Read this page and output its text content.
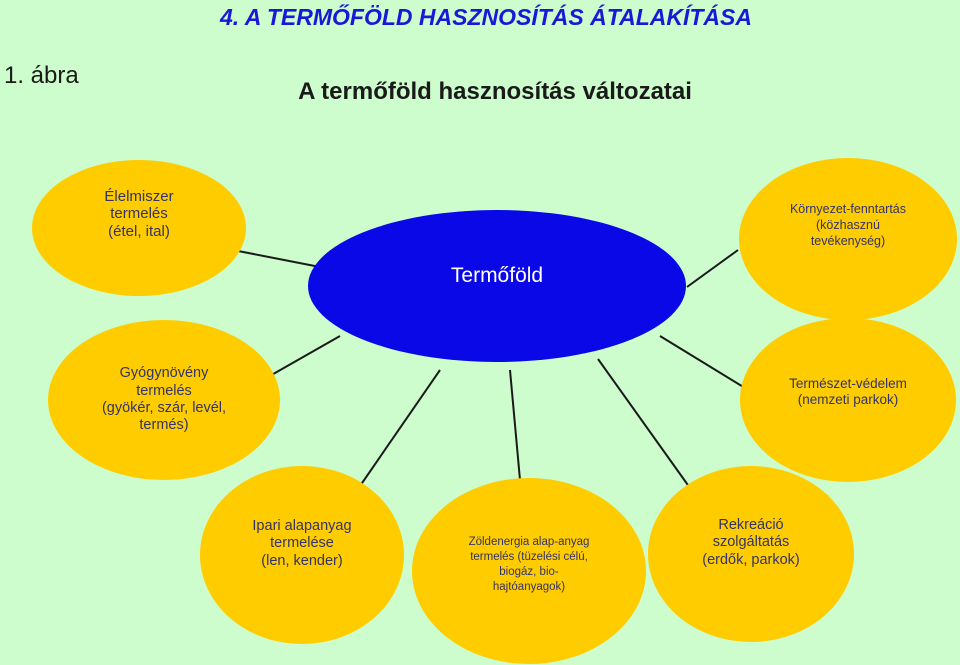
4. A TERMŐFÖLD HASZNOSÍTÁS ÁTALAKÍTÁSA
1. ábra
A termőföld hasznosítás változatai
Termőföld
Élelmiszer
termelés
(étel, ital)
Környezet-fenntartás
(közhasznú
tevékenység)
Gyógynövény
termelés
(gyökér, szár, levél,
termés)
Természet-védelem
(nemzeti parkok)
Ipari alapanyag
termelése
(len, kender)
Zöldenergia alap-anyag
termelés (tüzelési célú,
biogáz, bio-
hajtóanyagok)
Rekreáció
szolgáltatás
(erdők, parkok)
